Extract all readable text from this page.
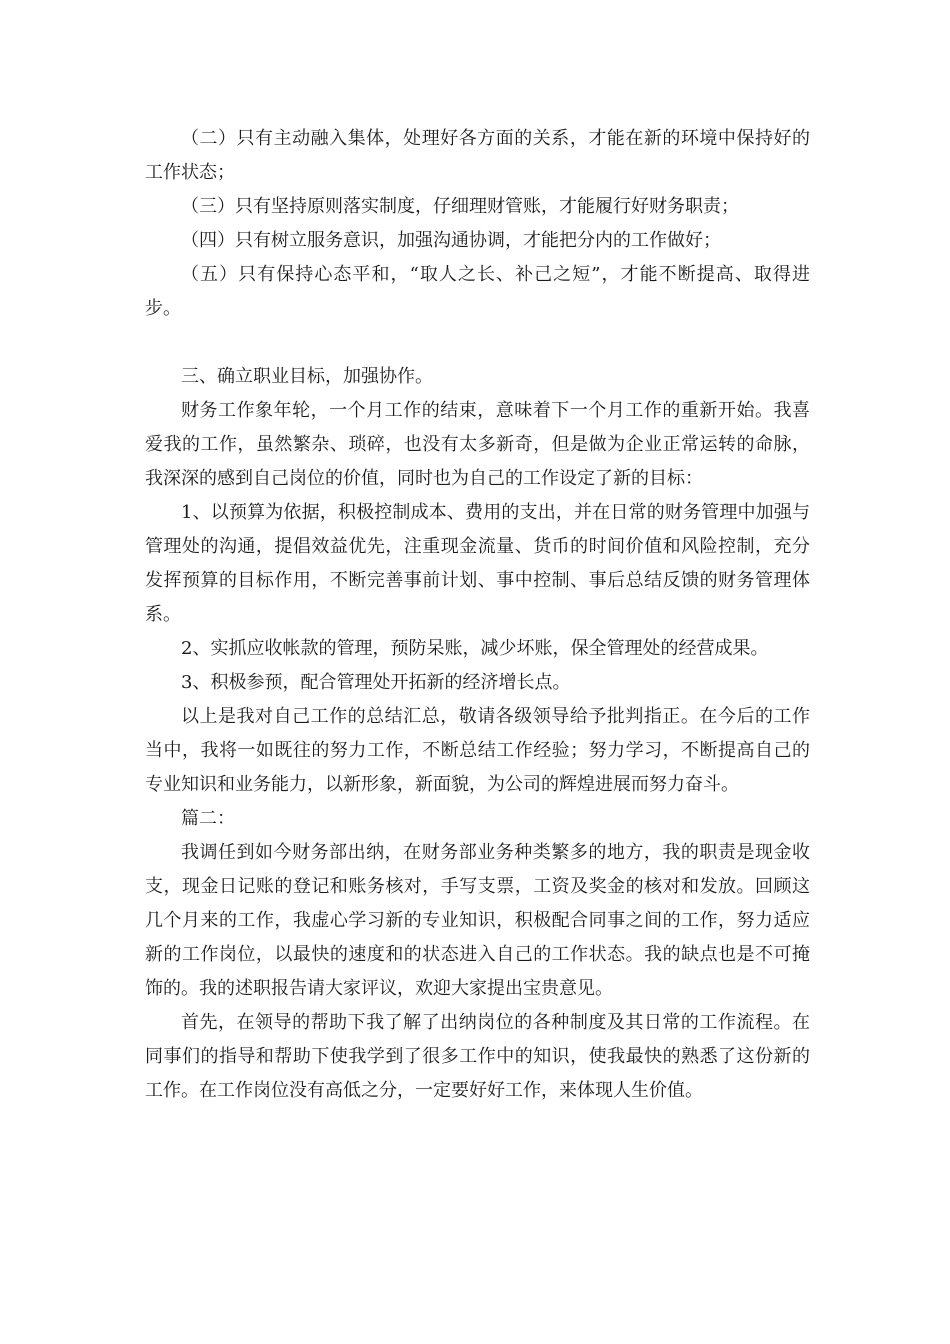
（二）只有主动融入集体，处理好各方面的关系，才能在新的环境中保持好的工作状态；

（三）只有坚持原则落实制度，仔细理财管账，才能履行好财务职责；

（四）只有树立服务意识，加强沟通协调，才能把分内的工作做好；

（五）只有保持心态平和，“取人之长、补己之短”，才能不断提高、取得进步。

三、确立职业目标，加强协作。

财务工作象年轮，一个月工作的结束，意味着下一个月工作的重新开始。我喜爱我的工作，虽然繁杂、琐碎，也没有太多新奇，但是做为企业正常运转的命脉，我深深的感到自己岗位的价值，同时也为自己的工作设定了新的目标：

1、以预算为依据，积极控制成本、费用的支出，并在日常的财务管理中加强与管理处的沟通，提倡效益优先，注重现金流量、货币的时间价值和风险控制，充分发挥预算的目标作用，不断完善事前计划、事中控制、事后总结反馈的财务管理体系。

2、实抓应收帐款的管理，预防呆账，减少坏账，保全管理处的经营成果。

3、积极参预，配合管理处开拓新的经济增长点。

以上是我对自己工作的总结汇总，敬请各级领导给予批判指正。在今后的工作当中，我将一如既往的努力工作，不断总结工作经验；努力学习，不断提高自己的专业知识和业务能力，以新形象，新面貌，为公司的辉煌进展而努力奋斗。

篇二：

我调任到如今财务部出纳，在财务部业务种类繁多的地方，我的职责是现金收支，现金日记账的登记和账务核对，手写支票，工资及奖金的核对和发放。回顾这几个月来的工作，我虚心学习新的专业知识，积极配合同事之间的工作，努力适应新的工作岗位，以最快的速度和的状态进入自己的工作状态。我的缺点也是不可掩饰的。我的述职报告请大家评议，欢迎大家提出宝贵意见。

首先，在领导的帮助下我了解了出纳岗位的各种制度及其日常的工作流程。在同事们的指导和帮助下使我学到了很多工作中的知识，使我最快的熟悉了这份新的工作。在工作岗位没有高低之分，一定要好好工作，来体现人生价值。
